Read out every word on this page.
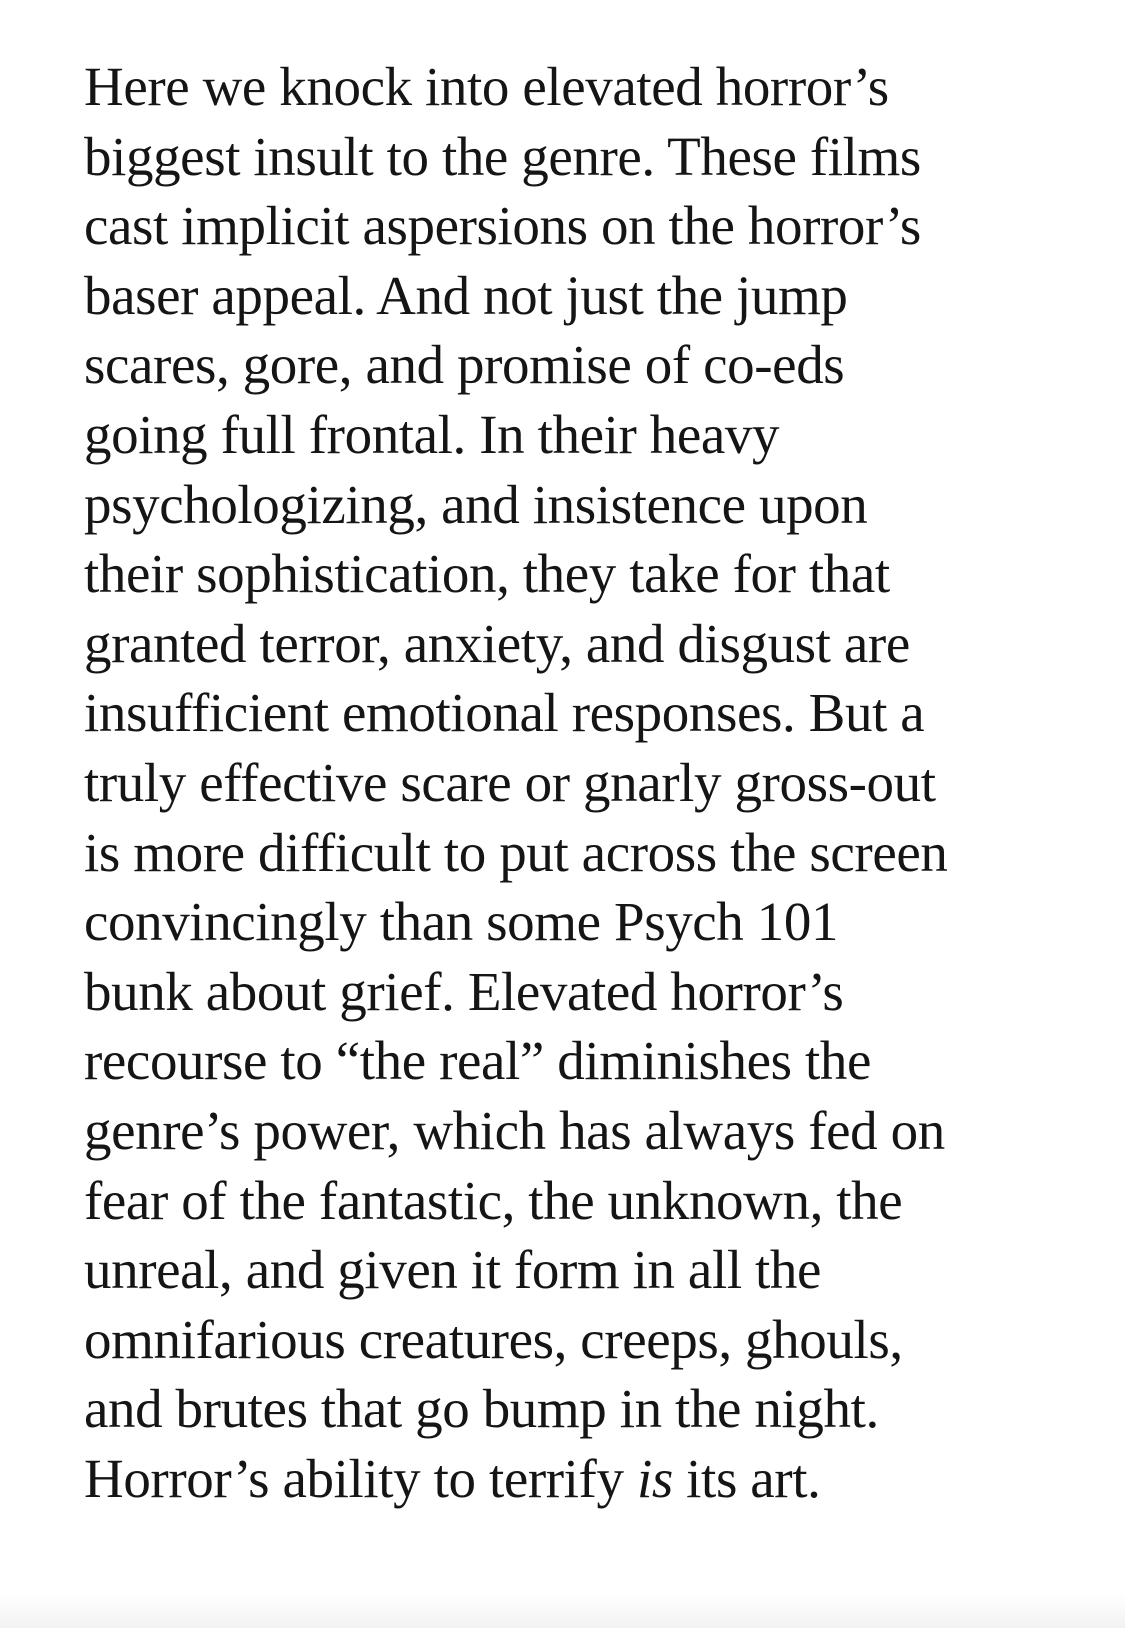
Here we knock into elevated horror’s
biggest insult to the genre. These films
cast implicit aspersions on the horror’s
baser appeal. And not just the jump
scares, gore, and promise of co-eds
going full frontal. In their heavy
psychologizing, and insistence upon
their sophistication, they take for that
granted terror, anxiety, and disgust are
insufficient emotional responses. But a
truly effective scare or gnarly gross-out
is more difficult to put across the screen
convincingly than some Psych 101
bunk about grief. Elevated horror’s
recourse to “the real” diminishes the
genre’s power, which has always fed on
fear of the fantastic, the unknown, the
unreal, and given it form in all the
omnifarious creatures, creeps, ghouls,
and brutes that go bump in the night.
Horror’s ability to terrify is its art.
